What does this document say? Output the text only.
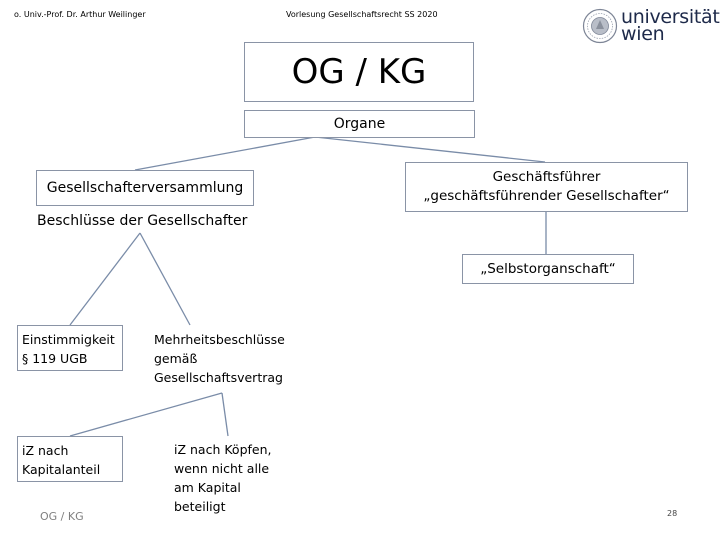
o. Univ.-Prof. Dr. Arthur Weilinger	Vorlesung Gesellschaftsrecht SS 2020	universität
wien
OG / KG
Organe
Gesellschafterversammlung
Beschlüsse der Gesellschafter
Geschäftsführer
„geschäftsführender Gesellschafter“
„Selbstorganschaft“
Einstimmigkeit
§ 119 UGB
Mehrheitsbeschlüsse
gemäß
Gesellschaftsvertrag
iZ nach
Kapitalanteil
iZ nach Köpfen,
wenn nicht alle
am Kapital
beteiligt
OG / KG	28
